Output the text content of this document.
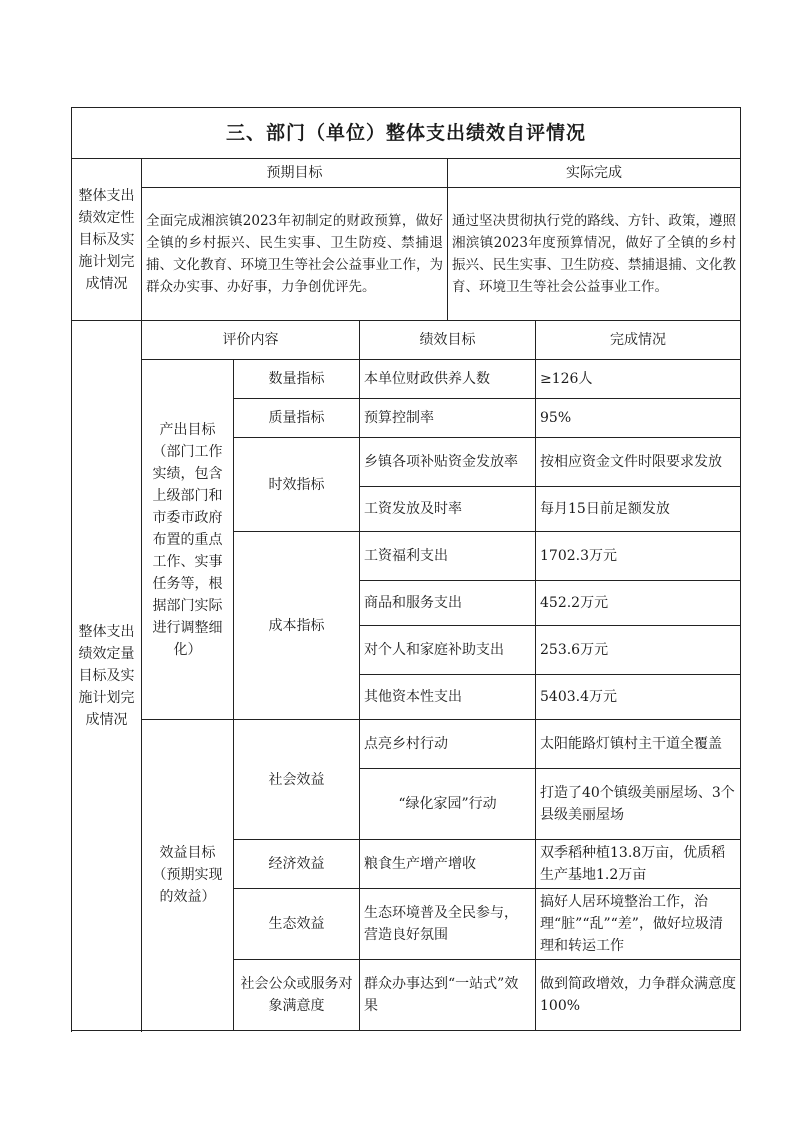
三、部门（单位）整体支出绩效自评情况					
整体支出绩效定性目标及实施计划完成情况	预期目标			实际完成	
	全面完成湘滨镇2023年初制定的财政预算，做好全镇的乡村振兴、民生实事、卫生防疫、禁捕退捕、文化教育、环境卫生等社会公益事业工作，为群众办实事、办好事，力争创优评先。			通过坚决贯彻执行党的路线、方针、政策，遵照湘滨镇2023年度预算情况，做好了全镇的乡村振兴、民生实事、卫生防疫、禁捕退捕、文化教育、环境卫生等社会公益事业工作。	
整体支出绩效定量目标及实施计划完成情况	评价内容		绩效目标		完成情况
	产出目标（部门工作实绩，包含上级部门和市委市政府布置的重点工作、实事任务等，根据部门实际进行调整细化）	数量指标	本单位财政供养人数		≥126人
		质量指标	预算控制率		95%
		时效指标	乡镇各项补贴资金发放率		按相应资金文件时限要求发放
			工资发放及时率		每月15日前足额发放
		成本指标	工资福利支出		1702.3万元
			商品和服务支出		452.2万元
			对个人和家庭补助支出		253.6万元
			其他资本性支出		5403.4万元
	效益目标（预期实现的效益）	社会效益	点亮乡村行动		太阳能路灯镇村主干道全覆盖
			“绿化家园”行动		打造了40个镇级美丽屋场、3个县级美丽屋场
		经济效益	粮食生产增产增收		双季稻种植13.8万亩，优质稻生产基地1.2万亩
		生态效益	生态环境普及全民参与，营造良好氛围		搞好人居环境整治工作，治理“脏”“乱”“差”，做好垃圾清理和转运工作
		社会公众或服务对象满意度	群众办事达到“一站式”效果		做到简政增效，力争群众满意度100%
